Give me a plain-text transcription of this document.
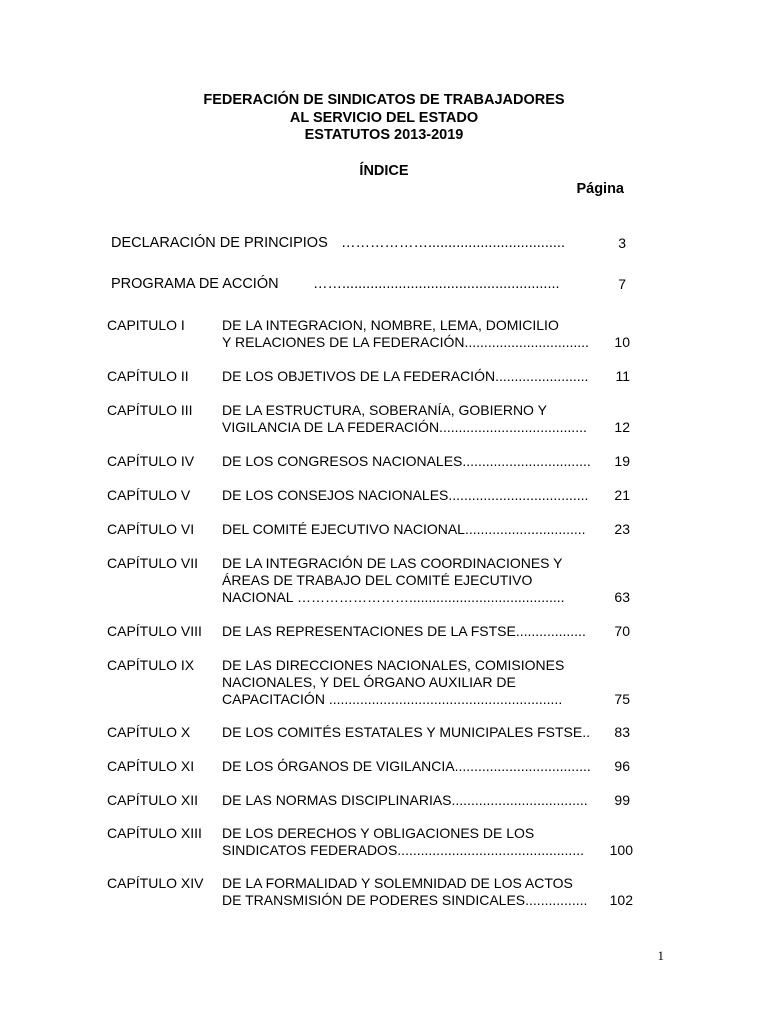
FEDERACIÓN DE SINDICATOS DE TRABAJADORES
AL SERVICIO DEL ESTADO
ESTATUTOS 2013-2019
ÍNDICE
Página
DECLARACIÓN DE PRINCIPIOS ………………..................................	3
PROGRAMA DE ACCIÓN ……......................................................	7
CAPITULO I	DE LA INTEGRACION, NOMBRE, LEMA, DOMICILIO
Y RELACIONES DE LA FEDERACIÓN................................	10
CAPÍTULO II DE LOS OBJETIVOS DE LA FEDERACIÓN........................	11
CAPÍTULO III DE LA ESTRUCTURA, SOBERANÍA, GOBIERNO Y
VIGILANCIA DE LA FEDERACIÓN......................................	12
CAPÍTULO IV DE LOS CONGRESOS NACIONALES.................................	19
CAPÍTULO V DE LOS CONSEJOS NACIONALES....................................	21
CAPÍTULO VI DEL COMITÉ EJECUTIVO NACIONAL...............................	23
CAPÍTULO VII DE LA INTEGRACIÓN DE LAS COORDINACIONES Y
ÁREAS DE TRABAJO DEL COMITÉ EJECUTIVO
NACIONAL ……………………........................................	63
CAPÍTULO VIII DE LAS REPRESENTACIONES DE LA FSTSE..................	70
CAPÍTULO IX DE LAS DIRECCIONES NACIONALES, COMISIONES
NACIONALES, Y DEL ÓRGANO AUXILIAR DE
CAPACITACIÓN ............................................................	75
CAPÍTULO X DE LOS COMITÉS ESTATALES Y MUNICIPALES FSTSE..	83
CAPÍTULO XI DE LOS ÓRGANOS DE VIGILANCIA...................................	96
CAPÍTULO XII DE LAS NORMAS DISCIPLINARIAS...................................	99
CAPÍTULO XIII DE LOS DERECHOS Y OBLIGACIONES DE LOS
SINDICATOS FEDERADOS................................................	100
CAPÍTULO XIV DE LA FORMALIDAD Y SOLEMNIDAD DE LOS ACTOS
DE TRANSMISIÓN DE PODERES SINDICALES................	102
1
